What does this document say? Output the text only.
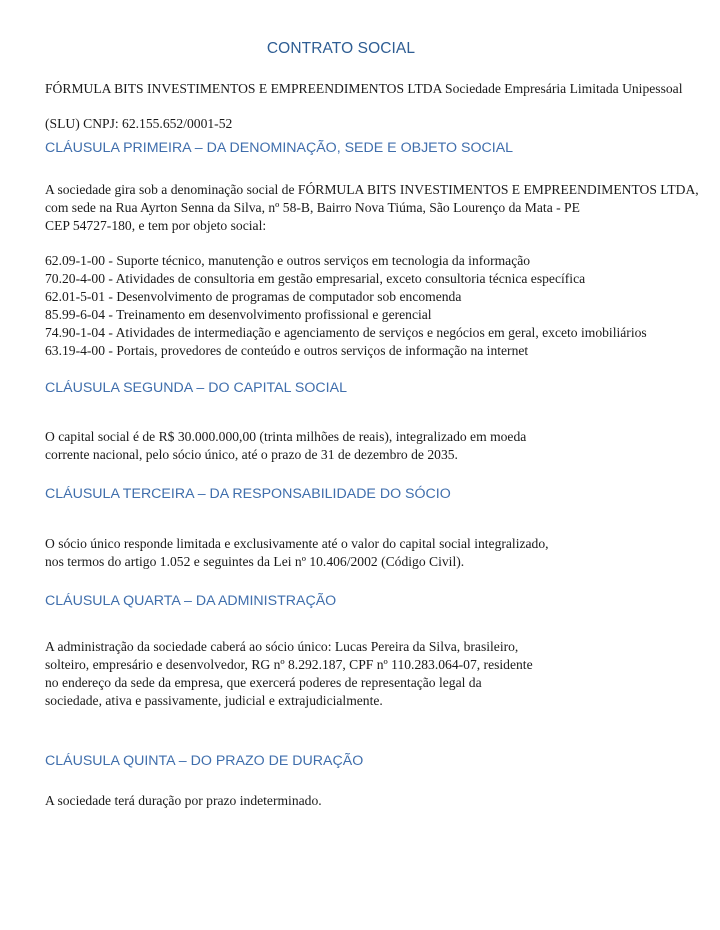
CONTRATO SOCIAL
FÓRMULA BITS INVESTIMENTOS E EMPREENDIMENTOS LTDA Sociedade Empresária Limitada Unipessoal
(SLU) CNPJ: 62.155.652/0001-52
CLÁUSULA PRIMEIRA – DA DENOMINAÇÃO, SEDE E OBJETO SOCIAL
A sociedade gira sob a denominação social de FÓRMULA BITS INVESTIMENTOS E EMPREENDIMENTOS LTDA,
com sede na Rua Ayrton Senna da Silva, nº 58-B, Bairro Nova Tiúma, São Lourenço da Mata - PE
CEP 54727-180, e tem por objeto social:
62.09-1-00 - Suporte técnico, manutenção e outros serviços em tecnologia da informação
70.20-4-00 - Atividades de consultoria em gestão empresarial, exceto consultoria técnica específica
62.01-5-01 - Desenvolvimento de programas de computador sob encomenda
85.99-6-04 - Treinamento em desenvolvimento profissional e gerencial
74.90-1-04 - Atividades de intermediação e agenciamento de serviços e negócios em geral, exceto imobiliários
63.19-4-00 - Portais, provedores de conteúdo e outros serviços de informação na internet
CLÁUSULA SEGUNDA – DO CAPITAL SOCIAL
O capital social é de R$ 30.000.000,00 (trinta milhões de reais), integralizado em moeda
corrente nacional, pelo sócio único, até o prazo de 31 de dezembro de 2035.
CLÁUSULA TERCEIRA – DA RESPONSABILIDADE DO SÓCIO
O sócio único responde limitada e exclusivamente até o valor do capital social integralizado,
nos termos do artigo 1.052 e seguintes da Lei nº 10.406/2002 (Código Civil).
CLÁUSULA QUARTA – DA ADMINISTRAÇÃO
A administração da sociedade caberá ao sócio único: Lucas Pereira da Silva, brasileiro,
solteiro, empresário e desenvolvedor, RG nº 8.292.187, CPF nº 110.283.064-07, residente
no endereço da sede da empresa, que exercerá poderes de representação legal da
sociedade, ativa e passivamente, judicial e extrajudicialmente.
CLÁUSULA QUINTA – DO PRAZO DE DURAÇÃO
A sociedade terá duração por prazo indeterminado.
